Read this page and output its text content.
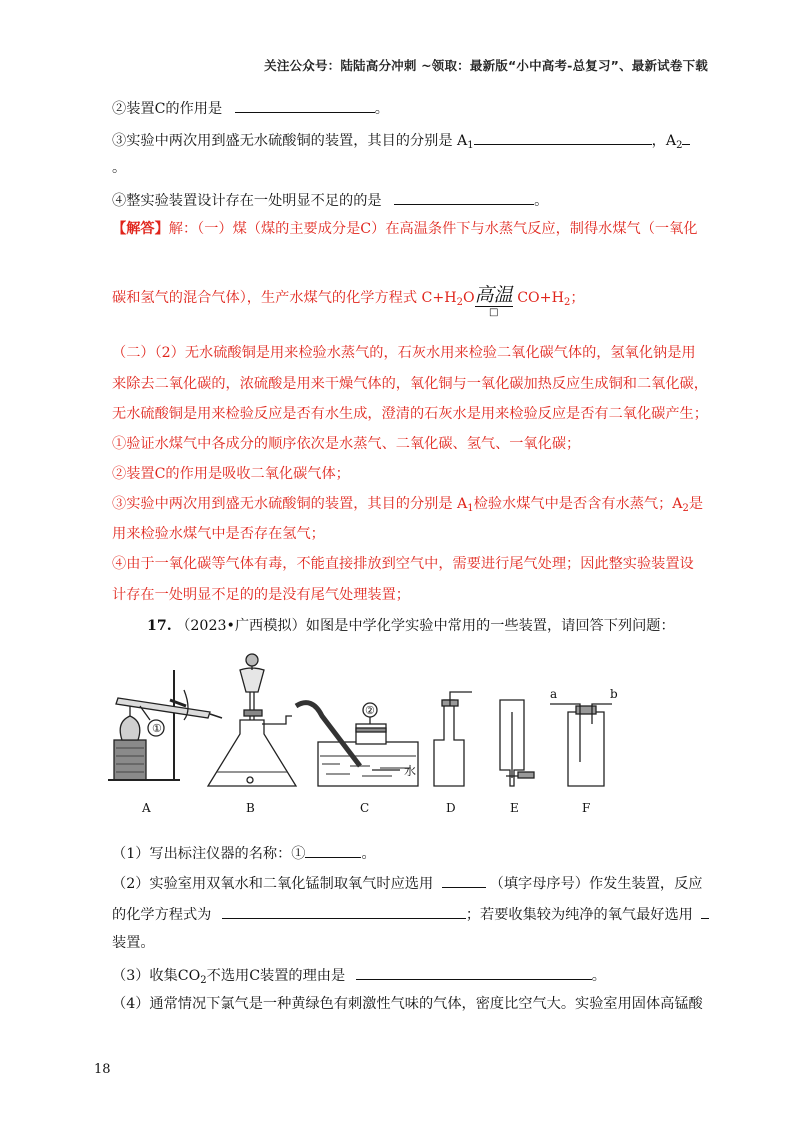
关注公众号：陆陆高分冲刺 ~领取：最新版“小中高考-总复习”、最新试卷下载
②装置C的作用是	。
③实验中两次用到盛无水硫酸铜的装置，其目的分别是 $A_1$	，$A_2$
。
④整实验装置设计存在一处明显不足的的是	。
【解答】解：（一）煤（煤的主要成分是C）在高温条件下与水蒸气反应，制得水煤气（一氧化
碳和氢气的混合气体），生产水煤气的化学方程式 $C+H_2O \frac{\text{高温}}{□} CO+H_2$；
（二）（2）无水硫酸铜是用来检验水蒸气的，石灰水用来检验二氧化碳气体的，氢氧化钠是用
来除去二氧化碳的，浓硫酸是用来干燥气体的，氧化铜与一氧化碳加热反应生成铜和二氧化碳，
无水硫酸铜是用来检验反应是否有水生成，澄清的石灰水是用来检验反应是否有二氧化碳产生；
①验证水煤气中各成分的顺序依次是水蒸气、二氧化碳、氢气、一氧化碳；
②装置C的作用是吸收二氧化碳气体；
③实验中两次用到盛无水硫酸铜的装置，其目的分别是 $A_1$检验水煤气中是否含有水蒸气；$A_2$是
用来检验水煤气中是否存在氢气；
④由于一氧化碳等气体有毒，不能直接排放到空气中，需要进行尾气处理；因此整实验装置设
计存在一处明显不足的的是没有尾气处理装置；
17. （2023•广西模拟）如图是中学化学实验中常用的一些装置，请回答下列问题：
①
②
水
a	b
A	B	C	D	E	F
（1）写出标注仪器的名称：①	。
（2）实验室用双氧水和二氧化锰制取氧气时应选用	（填字母序号）作发生装置，反应
的化学方程式为	；若要收集较为纯净的氧气最好选用
装置。
（3）收集$CO_2$不选用C装置的理由是	。
（4）通常情况下氯气是一种黄绿色有刺激性气味的气体，密度比空气大。实验室用固体高锰酸
18
